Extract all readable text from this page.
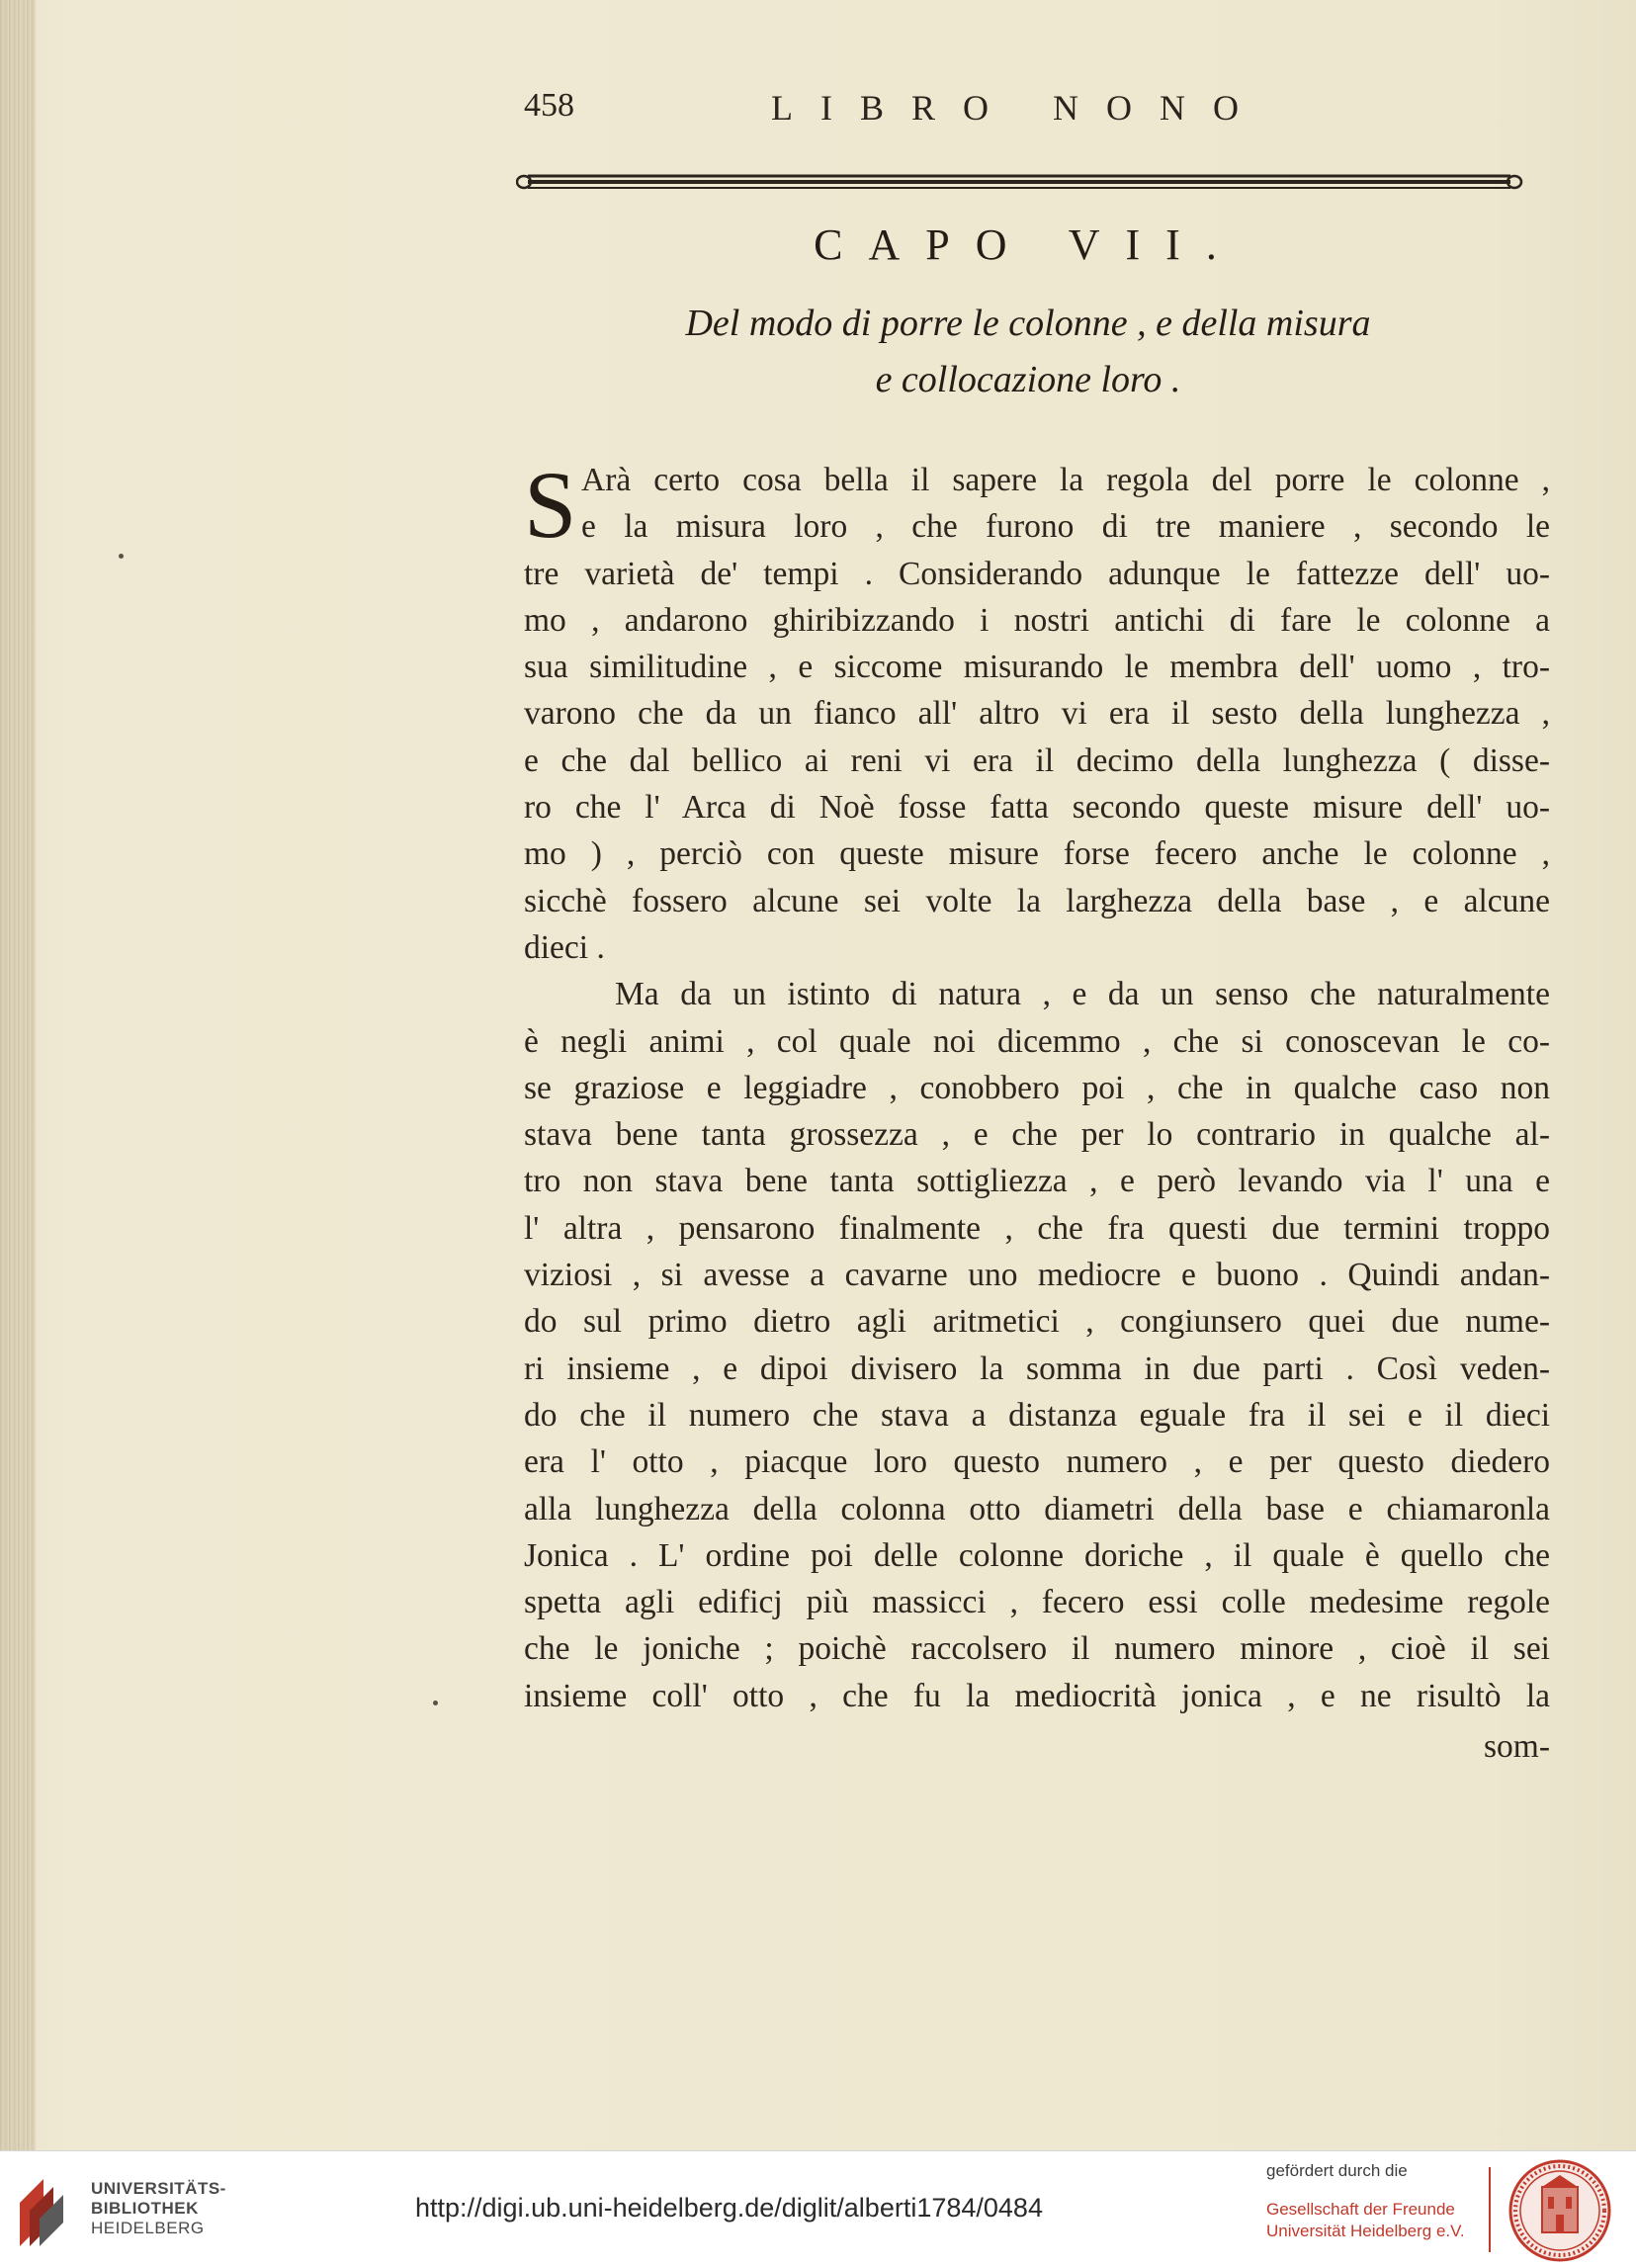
458	LIBRO NONO
CAPO VII.
Del modo di porre le colonne , e della misura
e collocazione loro .
S Arà certo cosa bella il sapere la regola del porre le colonne ,
e la misura loro , che furono di tre maniere , secondo le
tre varietà de' tempi . Considerando adunque le fattezze dell' uo-
mo , andarono ghiribizzando i nostri antichi di fare le colonne a
sua similitudine , e siccome misurando le membra dell' uomo , tro-
varono che da un fianco all' altro vi era il sesto della lunghezza ,
e che dal bellico ai reni vi era il decimo della lunghezza ( disse-
ro che l' Arca di Noè fosse fatta secondo queste misure dell' uo-
mo ) , perciò con queste misure forse fecero anche le colonne ,
sicchè fossero alcune sei volte la larghezza della base , e alcune
dieci .
Ma da un istinto di natura , e da un senso che naturalmente
è negli animi , col quale noi dicemmo , che si conoscevan le co-
se graziose e leggiadre , conobbero poi , che in qualche caso non
stava bene tanta grossezza , e che per lo contrario in qualche al-
tro non stava bene tanta sottigliezza , e però levando via l' una e
l' altra , pensarono finalmente , che fra questi due termini troppo
viziosi , si avesse a cavarne uno mediocre e buono . Quindi andan-
do sul primo dietro agli aritmetici , congiunsero quei due nume-
ri insieme , e dipoi divisero la somma in due parti . Così veden-
do che il numero che stava a distanza eguale fra il sei e il dieci
era l' otto , piacque loro questo numero , e per questo diedero
alla lunghezza della colonna otto diametri della base e chiamaronla
Jonica . L' ordine poi delle colonne doriche , il quale è quello che
spetta agli edificj più massicci , fecero essi colle medesime regole
che le joniche ; poichè raccolsero il numero minore , cioè il sei
insieme coll' otto , che fu la mediocrità jonica , e ne risultò la
som-
UNIVERSITÄTS-
BIBLIOTHEK
HEIDELBERG
http://digi.ub.uni-heidelberg.de/diglit/alberti1784/0484
gefördert durch die
Gesellschaft der Freunde
Universität Heidelberg e.V.
